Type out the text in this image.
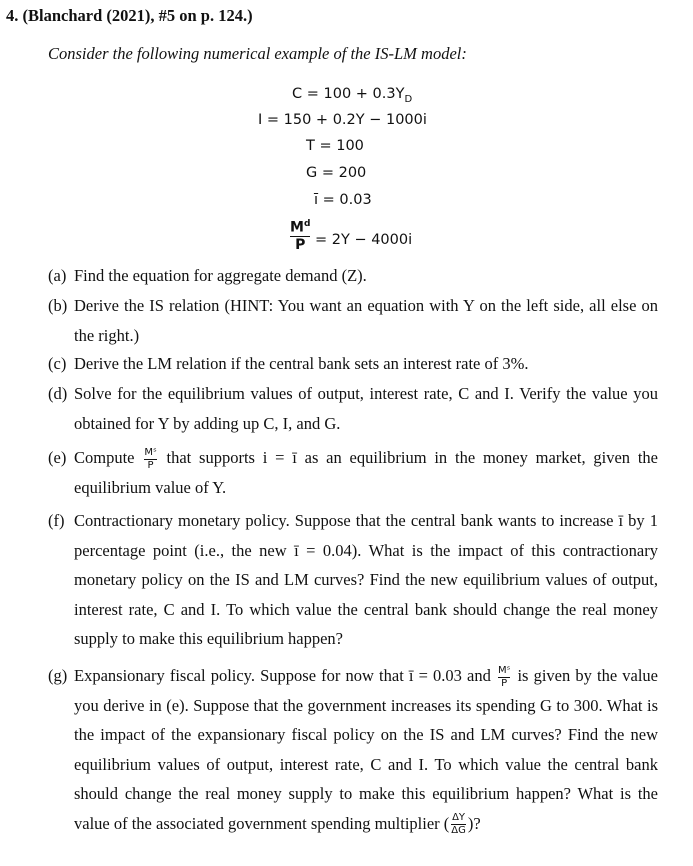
4. (Blanchard (2021), #5 on p. 124.)
Consider the following numerical example of the IS-LM model:
$C = 100 + 0.3Y_D$
I = 150 + 0.2Y − 1000i
T = 100
G = 200
ī = 0.03
$M^d$
P = 2Y − 4000i
(a) Find the equation for aggregate demand (Z).
(b) Derive the IS relation (HINT: You want an equation with Y on the left side, all else on the right.)
(c) Derive the LM relation if the central bank sets an interest rate of 3%.
(d) Solve for the equilibrium values of output, interest rate, C and I. Verify the value you obtained for Y by adding up C, I, and G.
(e) Compute $\frac{\text{Mˢ}}{P}$ that supports i = ī as an equilibrium in the money market, given the equilibrium value of Y.
(f) Contractionary monetary policy. Suppose that the central bank wants to increase ī by 1 percentage point (i.e., the new ī = 0.04). What is the impact of this contractionary monetary policy on the IS and LM curves? Find the new equilibrium values of output, interest rate, C and I. To which value the central bank should change the real money supply to make this equilibrium happen?
(g) Expansionary fiscal policy. Suppose for now that ī = 0.03 and $\frac{\text{Mˢ}}{P}$ is given by the value you derive in (e). Suppose that the government increases its spending G to 300. What is the impact of the expansionary fiscal policy on the IS and LM curves? Find the new equilibrium values of output, interest rate, C and I. To which value the central bank should change the real money supply to make this equilibrium happen? What is the value of the associated government spending multiplier ( $\frac{\Delta Y}{\Delta G}$ )?
